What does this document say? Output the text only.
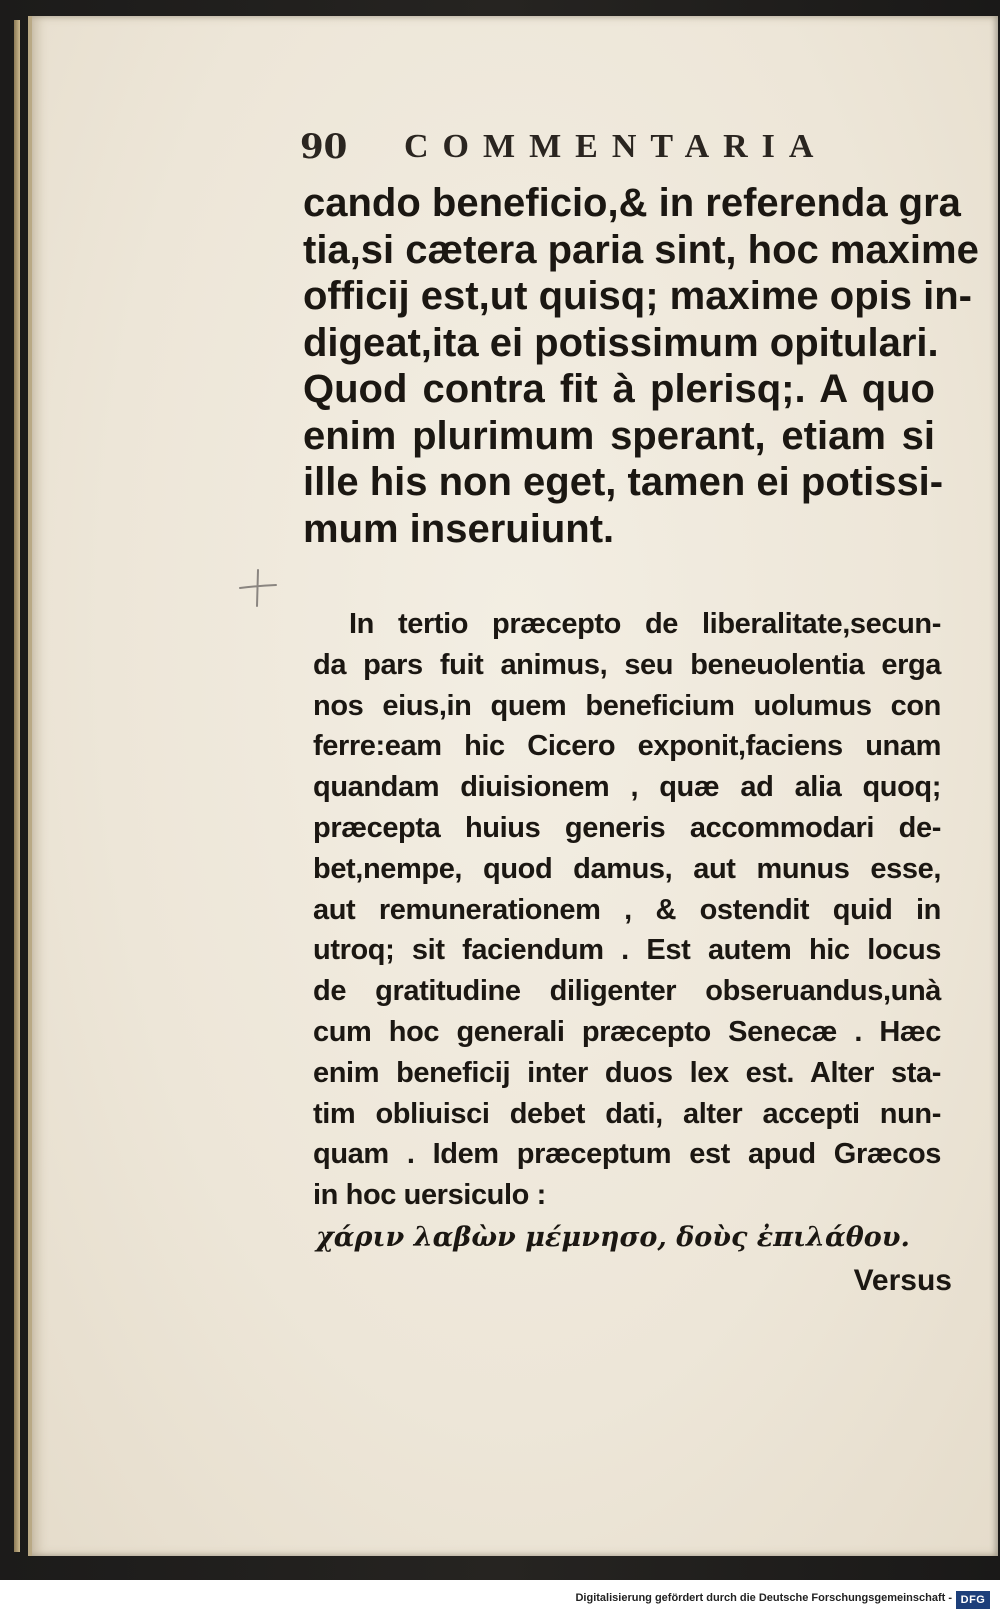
90	COMMENTARIA
cando beneficio,& in referenda gra
tia,si cætera paria sint, hoc maxime
officij est,ut quisq; maxime opis in-
digeat,ita ei potissimum opitulari.
Quod contra fit à plerisq;. A quo
enim plurimum sperant, etiam si
ille his non eget, tamen ei potissi-
mum inseruiunt.
In tertio præcepto de liberalitate,secun-
da pars fuit animus, seu beneuolentia erga
nos eius,in quem beneficium uolumus con
ferre:eam hic Cicero exponit,faciens unam
quandam diuisionem , quæ ad alia quoq;
præcepta huius generis accommodari de-
bet,nempe, quod damus, aut munus esse,
aut remunerationem , & ostendit quid in
utroq; sit faciendum . Est autem hic locus
de gratitudine diligenter obseruandus,unà
cum hoc generali præcepto Senecæ . Hæc
enim beneficij inter duos lex est. Alter sta-
tim obliuisci debet dati, alter accepti nun-
quam . Idem præceptum est apud Græcos
in hoc uersiculo :
χάριν λαβὼν μέμνησο, δοὺς ἐπιλάθου.
Versus
Digitalisierung gefördert durch die Deutsche Forschungsgemeinschaft - DFG
